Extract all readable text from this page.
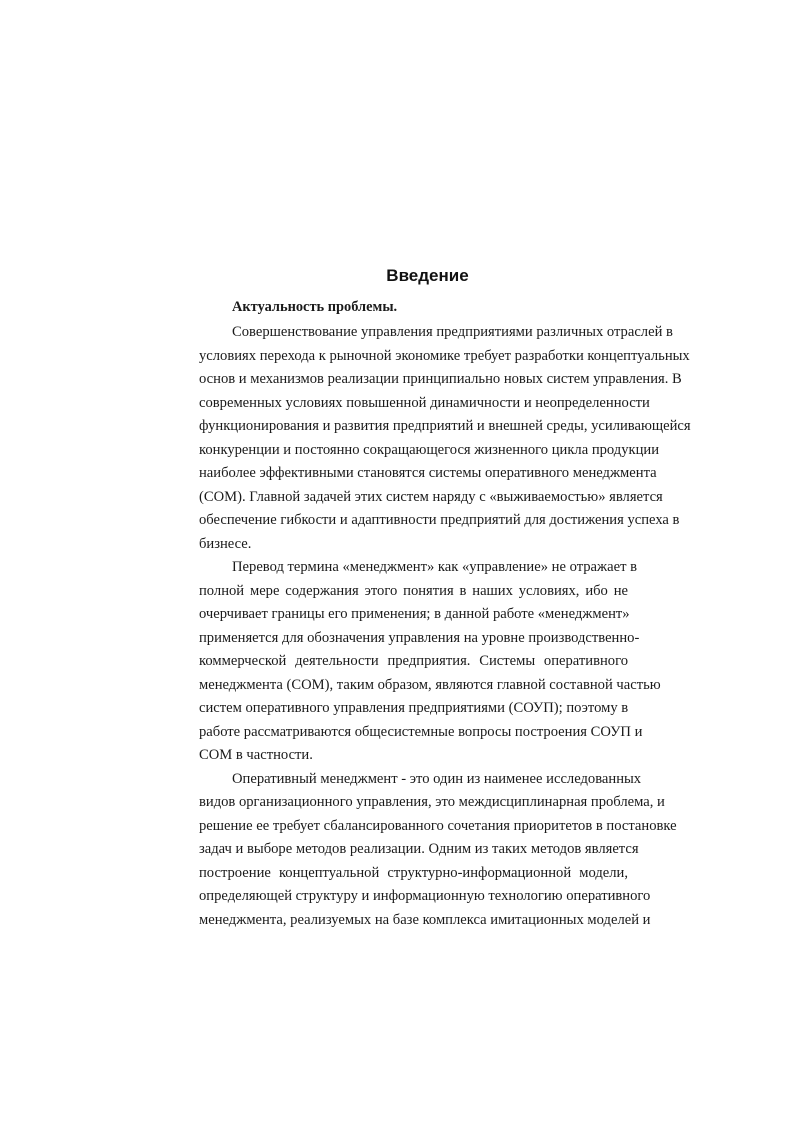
Введение
Актуальность проблемы.
Совершенствование управления предприятиями различных отраслей в
условиях перехода к рыночной экономике требует разработки концептуальных
основ и механизмов реализации принципиально новых систем управления. В
современных условиях повышенной динамичности и неопределенности
функционирования и развития предприятий и внешней среды, усиливающейся
конкуренции и постоянно сокращающегося жизненного цикла продукции
наиболее эффективными становятся системы оперативного менеджмента
(СОМ). Главной задачей этих систем наряду с «выживаемостью» является
обеспечение гибкости и адаптивности предприятий для достижения успеха в
бизнесе.
Перевод термина «менеджмент» как «управление» не отражает в
полной мере содержания этого понятия в наших условиях, ибо не
очерчивает границы его применения; в данной работе «менеджмент»
применяется для обозначения управления на уровне производственно-
коммерческой деятельности предприятия. Системы оперативного
менеджмента (СОМ), таким образом, являются главной составной частью
систем оперативного управления предприятиями (СОУП); поэтому в
работе рассматриваются общесистемные вопросы построения СОУП и
СОМ в частности.
Оперативный менеджмент - это один из наименее исследованных
видов организационного управления, это междисциплинарная проблема, и
решение ее требует сбалансированного сочетания приоритетов в постановке
задач и выборе методов реализации. Одним из таких методов является
построение концептуальной структурно-информационной модели,
определяющей структуру и информационную технологию оперативного
менеджмента, реализуемых на базе комплекса имитационных моделей и
